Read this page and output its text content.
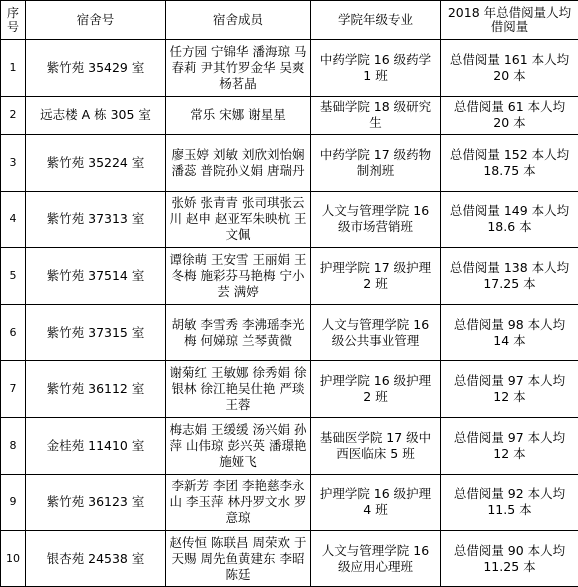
序号	宿舍号	宿舍成员	学院年级专业	2018 年总借阅量人均借阅量
1	紫竹苑 35429 室	任方园 宁锦华 潘海琼 马春莉 尹其竹罗金华 吴爽 杨茗晶	中药学院 16 级药学 1 班	总借阅量 161 本人均 20 本
2	远志楼 A 栋 305 室	常乐 宋娜 谢星星	基础学院 18 级研究生	总借阅量 61 本人均 20 本
3	紫竹苑 35224 室	廖玉婷 刘敏 刘欣刘怡娴 潘蕊 普院孙义娟 唐瑞丹	中药学院 17 级药物制剂班	总借阅量 152 本人均 18.75 本
4	紫竹苑 37313 室	张娇 张青青 张司琪张云川 赵申 赵亚军朱映杭 王文佩	人文与管理学院 16 级市场营销班	总借阅量 149 本人均 18.6 本
5	紫竹苑 37514 室	谭徐萌 王安雪 王丽娟 王冬梅 施彩芬马艳梅 宁小芸 满婷	护理学院 17 级护理 2 班	总借阅量 138 本人均 17.25 本
6	紫竹苑 37315 室	胡敏 李雪秀 李沸瑶李光梅 何娣琼 兰琴黄微	人文与管理学院 16 级公共事业管理	总借阅量 98 本人均 14 本
7	紫竹苑 36112 室	谢菊红 王敏娜 徐秀娟 徐银林 徐江艳吴仕艳 严琰 王蓉	护理学院 16 级护理 2 班	总借阅量 97 本人均 12 本
8	金桂苑 11410 室	梅志娟 王缓缓 汤兴娟 孙萍 山伟琼 彭兴英 潘璟艳 施娅飞	基础医学院 17 级中西医临床 5 班	总借阅量 97 本人均 12 本
9	紫竹苑 36123 室	李新芳 李团 李艳慈李永山 李玉萍 林丹罗文水 罗意琼	护理学院 16 级护理 4 班	总借阅量 92 本人均 11.5 本
10	银杏苑 24538 室	赵传恒 陈联昌 周荣欢 于天赐 周先鱼黄建东 李昭 陈廷	人文与管理学院 16 级应用心理班	总借阅量 90 本人均 11.25 本
